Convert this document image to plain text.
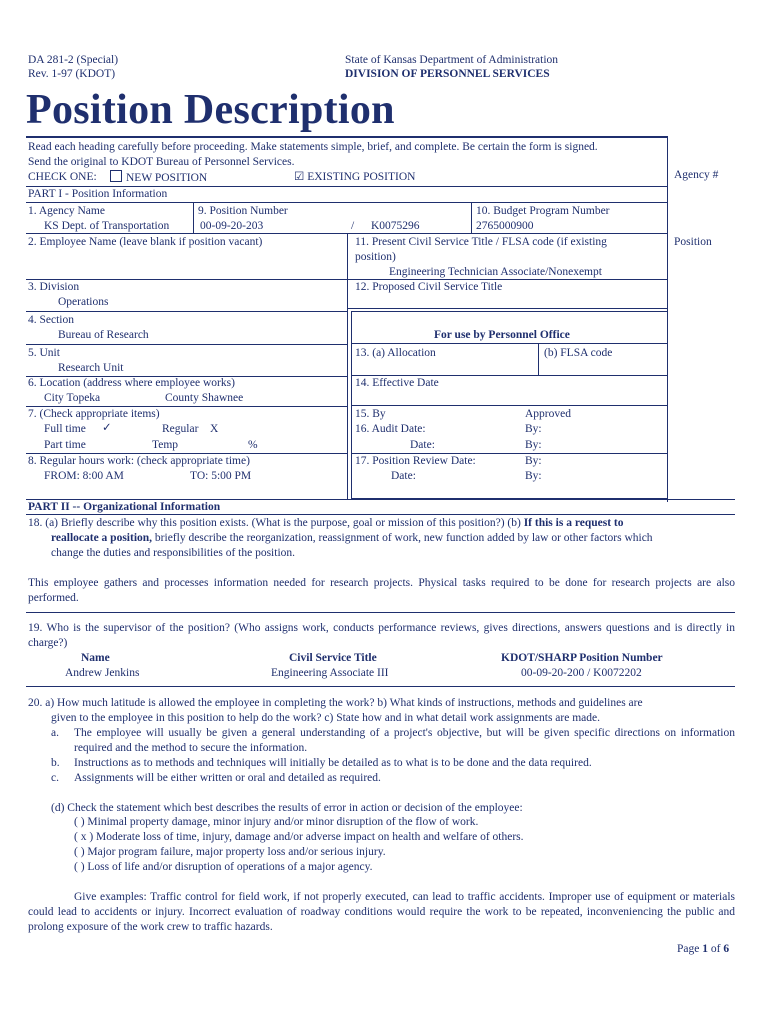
DA 281-2 (Special)
Rev. 1-97 (KDOT)
State of Kansas Department of Administration
DIVISION OF PERSONNEL SERVICES
Position Description
Read each heading carefully before proceeding. Make statements simple, brief, and complete. Be certain the form is signed.
Send the original to KDOT Bureau of Personnel Services.
CHECK ONE:	NEW POSITION	☑ EXISTING POSITION	Agency #
Position
PART I - Position Information
1. Agency Name
KS Dept. of Transportation
9. Position Number
00-09-20-203	/ K0075296
10. Budget Program Number
2765000900
2. Employee Name (leave blank if position vacant)
3. Division
Operations
4. Section
Bureau of Research
5. Unit
Research Unit
6. Location (address where employee works)
City Topeka	County Shawnee
7. (Check appropriate items)
Full time ✓	Regular X
Part time	Temp	%
8. Regular hours work: (check appropriate time)
FROM: 8:00 AM	TO: 5:00 PM
11. Present Civil Service Title / FLSA code (if existing
position)
Engineering Technician Associate/Nonexempt
12. Proposed Civil Service Title
For use by Personnel Office
13. (a) Allocation	(b) FLSA code
14. Effective Date
15. By	Approved
16. Audit Date:	By:
Date:	By:
17. Position Review Date:	By:
Date:	By:
PART II -- Organizational Information
18. (a) Briefly describe why this position exists. (What is the purpose, goal or mission of this position?) (b) If this is a request to
reallocate a position, briefly describe the reorganization, reassignment of work, new function added by law or other factors which
change the duties and responsibilities of the position.
This employee gathers and processes information needed for research projects. Physical tasks required to be done for research projects are also performed.
19. Who is the supervisor of the position? (Who assigns work, conducts performance reviews, gives directions, answers questions and is directly in charge?)
Name	Civil Service Title	KDOT/SHARP Position Number
Andrew Jenkins	Engineering Associate III	00-09-20-200 / K0072202
20. a) How much latitude is allowed the employee in completing the work? b) What kinds of instructions, methods and guidelines are
given to the employee in this position to help do the work? c) State how and in what detail work assignments are made.
a. The employee will usually be given a general understanding of a project's objective, but will be given specific directions on information required and the method to secure the information.
b. Instructions as to methods and techniques will initially be detailed as to what is to be done and the data required.
c. Assignments will be either written or oral and detailed as required.
(d) Check the statement which best describes the results of error in action or decision of the employee:
( ) Minimal property damage, minor injury and/or minor disruption of the flow of work.
( x ) Moderate loss of time, injury, damage and/or adverse impact on health and welfare of others.
( ) Major program failure, major property loss and/or serious injury.
( ) Loss of life and/or disruption of operations of a major agency.
Give examples: Traffic control for field work, if not properly executed, can lead to traffic accidents. Improper use of equipment or materials could lead to accidents or injury. Incorrect evaluation of roadway conditions would require the work to be repeated, inconveniencing the public and prolong exposure of the work crew to traffic hazards.
Page 1 of 6
